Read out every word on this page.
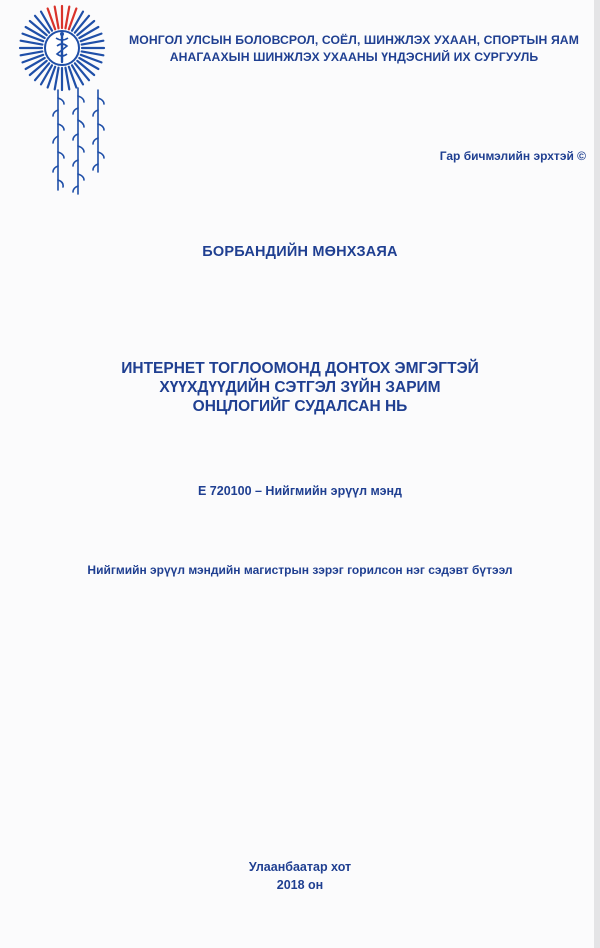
МОНГОЛ УЛСЫН БОЛОВСРОЛ, СОЁЛ, ШИНЖЛЭХ УХААН, СПОРТЫН ЯАМ
АНАГААХЫН ШИНЖЛЭХ УХААНЫ ҮНДЭСНИЙ ИХ СУРГУУЛЬ
Гар бичмэлийн эрхтэй ©
БОРБАНДИЙН МӨНХЗАЯА
ИНТЕРНЕТ ТОГЛООМОНД ДОНТОХ ЭМГЭГТЭЙ
ХҮҮХДҮҮДИЙН СЭТГЭЛ ЗҮЙН ЗАРИМ
ОНЦЛОГИЙГ СУДАЛСАН НЬ
Е 720100 – Нийгмийн эрүүл мэнд
Нийгмийн эрүүл мэндийн магистрын зэрэг горилсон нэг сэдэвт бүтээл
Улаанбаатар хот
2018 он
